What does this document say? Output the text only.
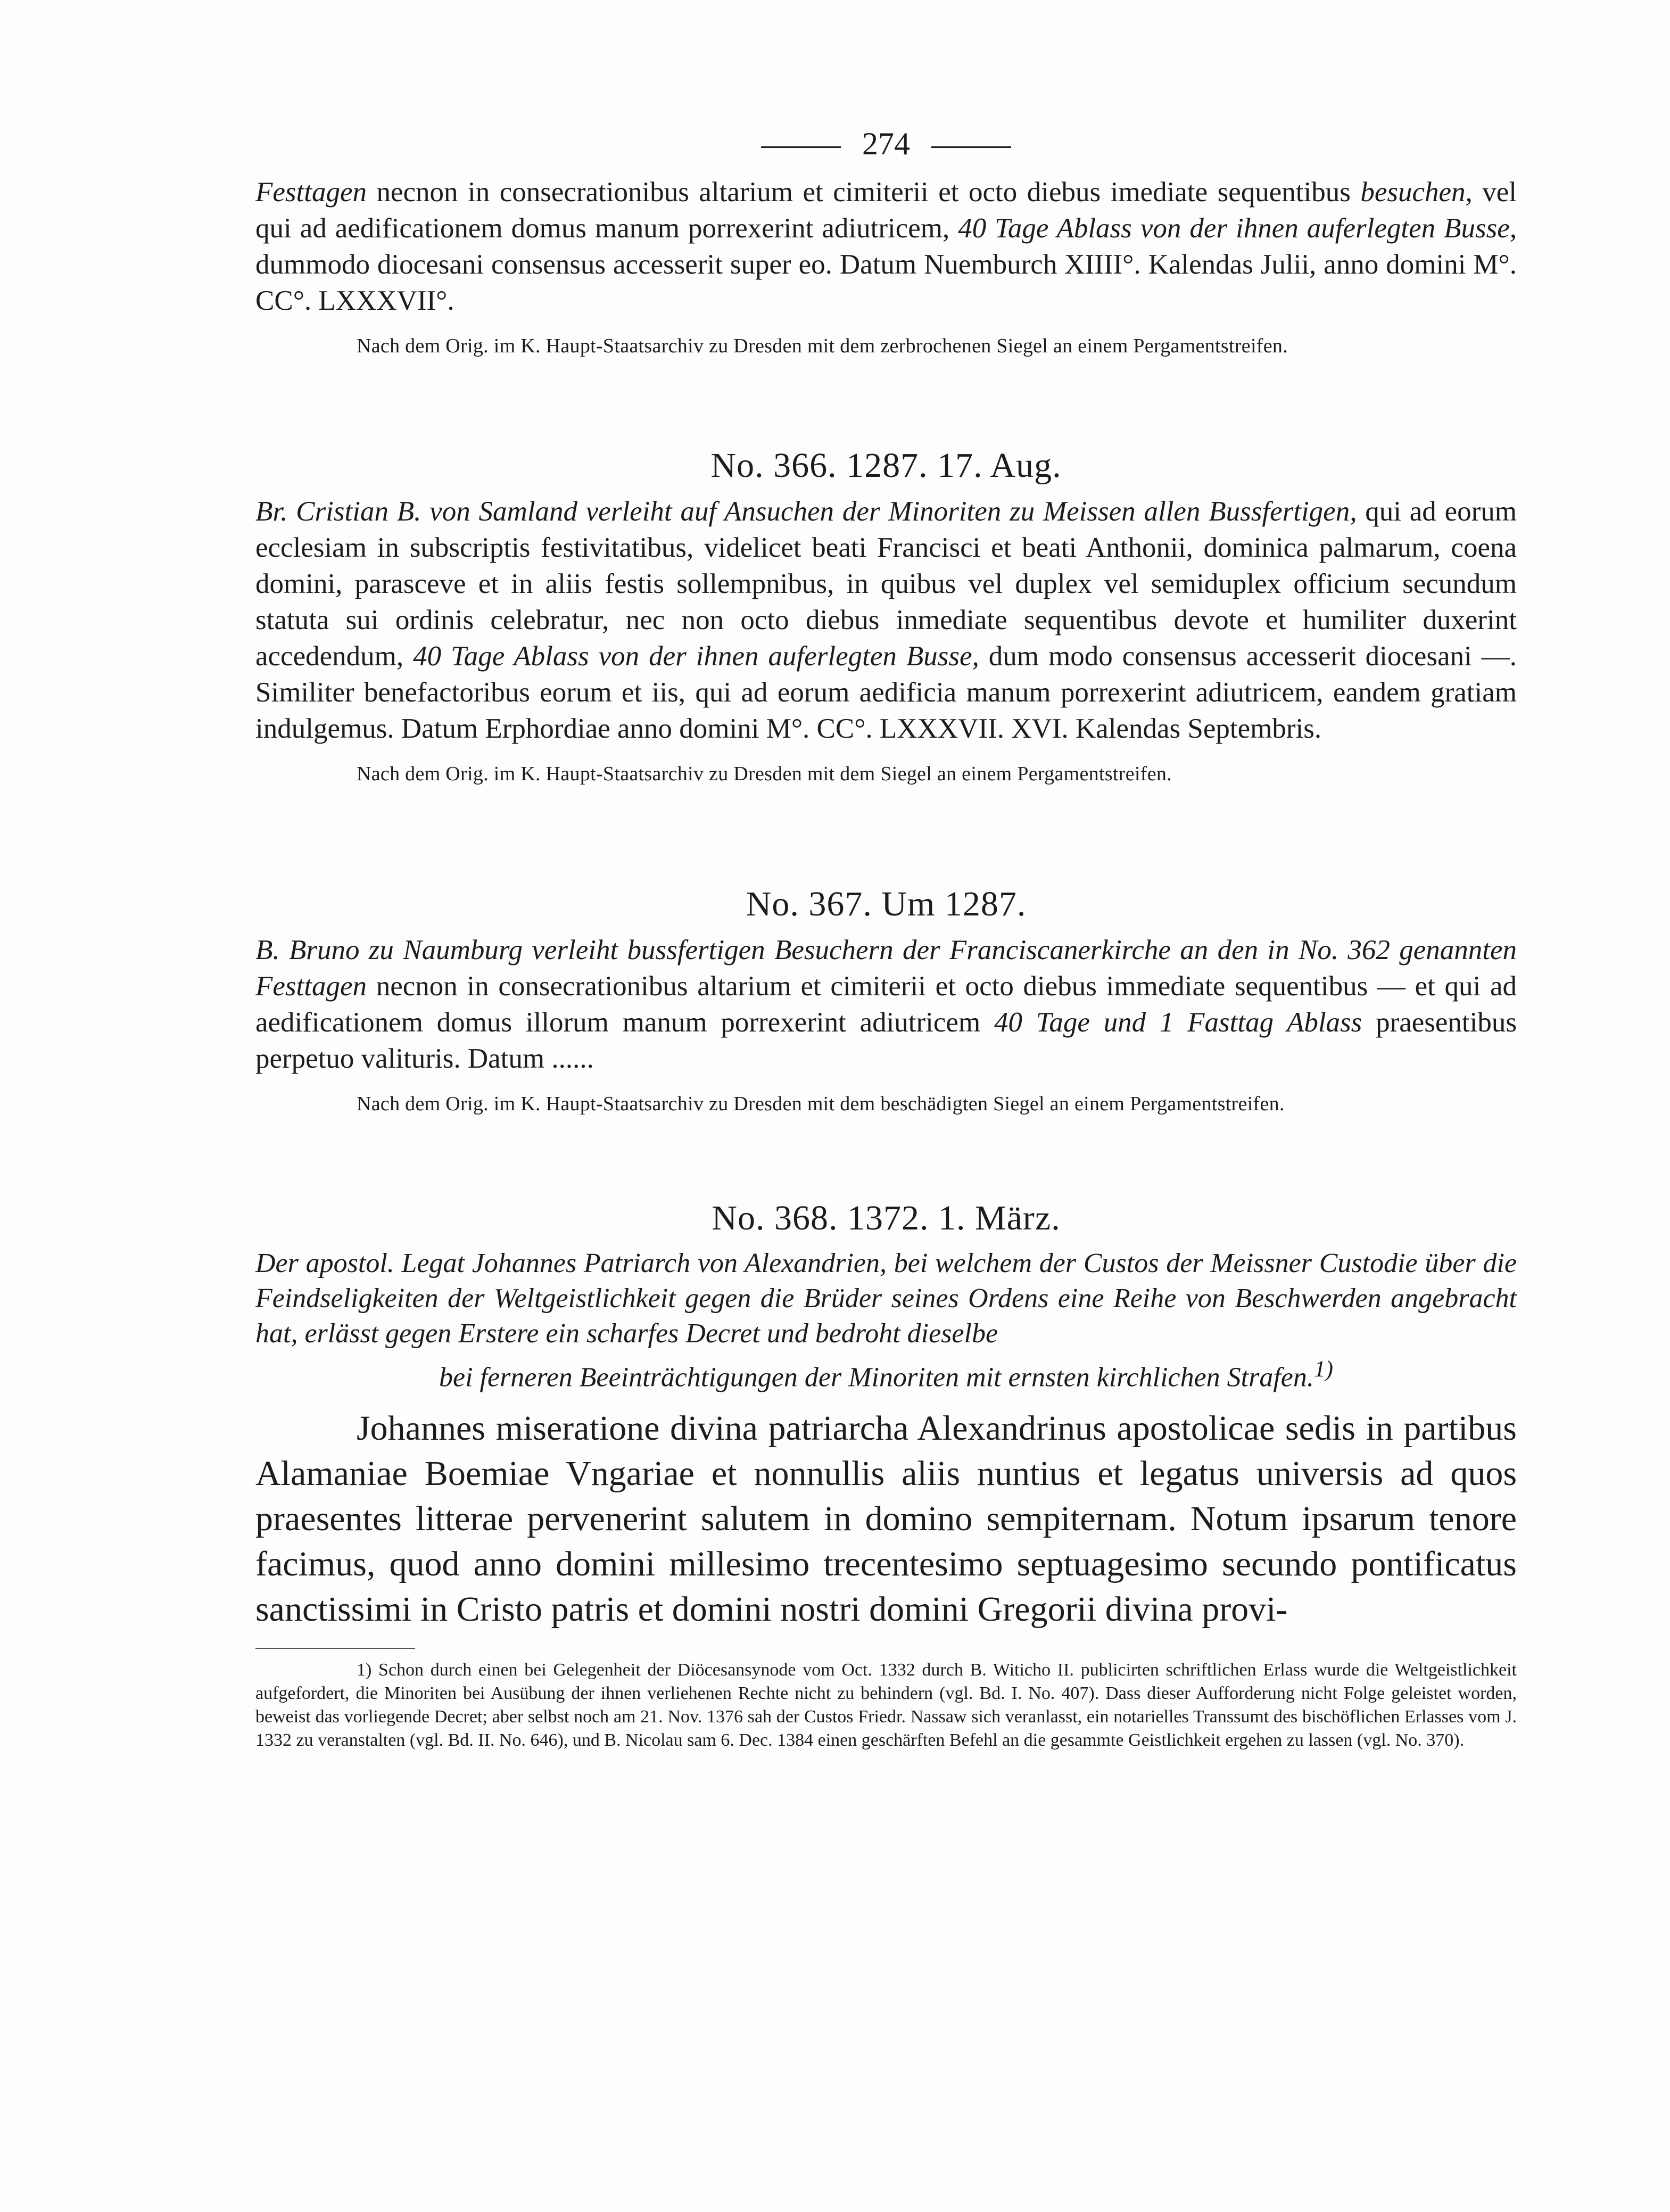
274

Festtagen necnon in consecrationibus altarium et cimiterii et octo diebus imediate sequentibus besuchen, vel qui ad aedificationem domus manum porrexerint adiutricem, 40 Tage Ablass von der ihnen auferlegten Busse, dummodo diocesani consensus accesserit super eo. Datum Nuemburch XIIII°. Kalendas Julii, anno domini M°. CC°. LXXXVII°.

Nach dem Orig. im K. Haupt-Staatsarchiv zu Dresden mit dem zerbrochenen Siegel an einem Pergamentstreifen.

No. 366. 1287. 17. Aug.

Br. Cristian B. von Samland verleiht auf Ansuchen der Minoriten zu Meissen allen Bussfertigen, qui ad eorum ecclesiam in subscriptis festivitatibus, videlicet beati Francisci et beati Anthonii, dominica palmarum, coena domini, parasceve et in aliis festis sollempnibus, in quibus vel duplex vel semiduplex officium secundum statuta sui ordinis celebratur, nec non octo diebus inmediate sequentibus devote et humiliter duxerint accedendum, 40 Tage Ablass von der ihnen auferlegten Busse, dum modo consensus accesserit diocesani —. Similiter benefactoribus eorum et iis, qui ad eorum aedificia manum porrexerint adiutricem, eandem gratiam indulgemus. Datum Erphordiae anno domini M°. CC°. LXXXVII. XVI. Kalendas Septembris.

Nach dem Orig. im K. Haupt-Staatsarchiv zu Dresden mit dem Siegel an einem Pergamentstreifen.

No. 367. Um 1287.

B. Bruno zu Naumburg verleiht bussfertigen Besuchern der Franciscanerkirche an den in No. 362 genannten Festtagen necnon in consecrationibus altarium et cimiterii et octo diebus immediate sequentibus — et qui ad aedificationem domus illorum manum porrexerint adiutricem 40 Tage und 1 Fasttag Ablass praesentibus perpetuo valituris. Datum ......

Nach dem Orig. im K. Haupt-Staatsarchiv zu Dresden mit dem beschädigten Siegel an einem Pergamentstreifen.

No. 368. 1372. 1. März.

Der apostol. Legat Johannes Patriarch von Alexandrien, bei welchem der Custos der Meissner Custodie über die Feindseligkeiten der Weltgeistlichkeit gegen die Brüder seines Ordens eine Reihe von Beschwerden angebracht hat, erlässt gegen Erstere ein scharfes Decret und bedroht dieselbe

bei ferneren Beeinträchtigungen der Minoriten mit ernsten kirchlichen Strafen.$^{1)}$

Johannes miseratione divina patriarcha Alexandrinus apostolicae sedis in partibus Alamaniae Boemiae Vngariae et nonnullis aliis nuntius et legatus universis ad quos praesentes litterae pervenerint salutem in domino sempiternam. Notum ipsarum tenore facimus, quod anno domini millesimo trecentesimo septuagesimo secundo pontificatus sanctissimi in Cristo patris et domini nostri domini Gregorii divina provi-

1) Schon durch einen bei Gelegenheit der Diöcesansynode vom Oct. 1332 durch B. Witicho II. publicirten schriftlichen Erlass wurde die Weltgeistlichkeit aufgefordert, die Minoriten bei Ausübung der ihnen verliehenen Rechte nicht zu behindern (vgl. Bd. I. No. 407). Dass dieser Aufforderung nicht Folge geleistet worden, beweist das vorliegende Decret; aber selbst noch am 21. Nov. 1376 sah der Custos Friedr. Nassaw sich veranlasst, ein notarielles Transsumt des bischöflichen Erlasses vom J. 1332 zu veranstalten (vgl. Bd. II. No. 646), und B. Nicolau sam 6. Dec. 1384 einen geschärften Befehl an die gesammte Geistlichkeit ergehen zu lassen (vgl. No. 370).
